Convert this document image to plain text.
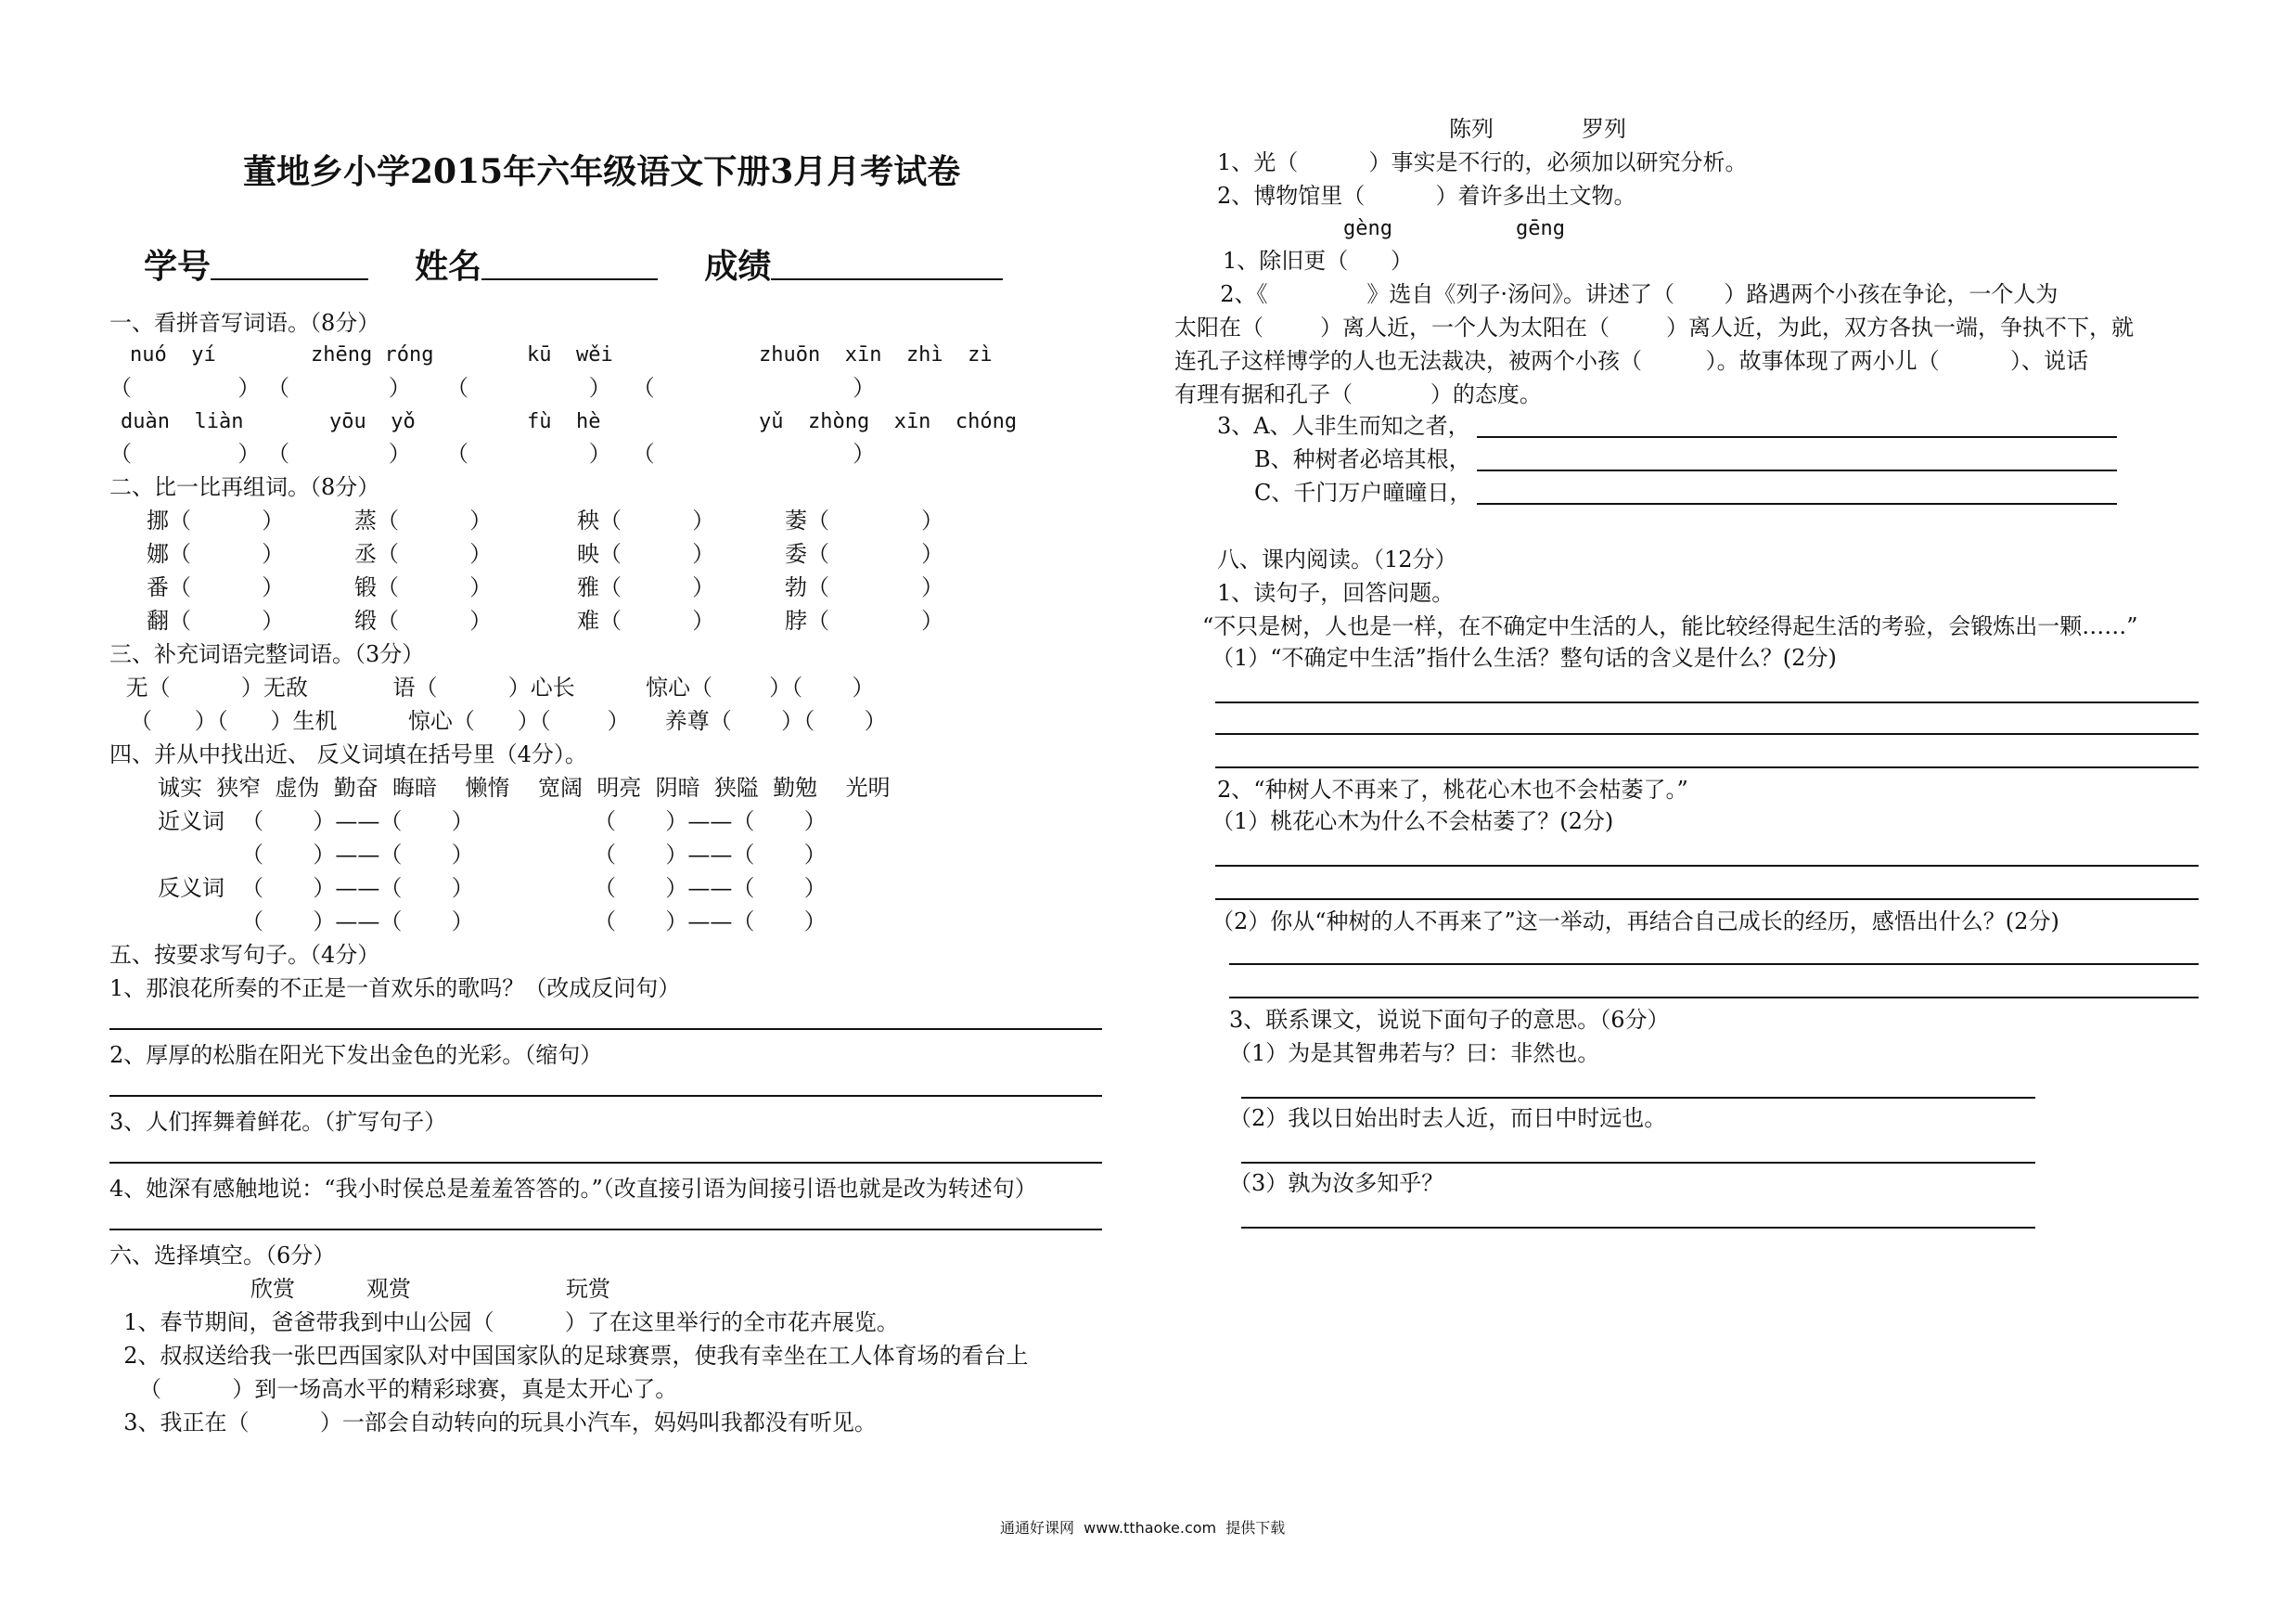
董地乡小学2015年六年级语文下册3月月考试卷
学号	姓名	成绩
一、看拼音写词语。（8分）
nuó  yí	zhēng róng	kū  wěi	zhuōn  xīn  zhì  zì
（               ） （              ）     （                 ）   （                            ）
duàn  liàn	yōu  yǒ	fù  hè	yǔ  zhòng  xīn  chóng
（               ） （              ）     （                 ）   （                            ）
二、比一比再组词。（8分）
挪（          ）	蒸（          ）	秧（          ）	萎（             ）
娜（          ）	丞（          ）	映（          ）	委（             ）
番（          ）	锻（          ）	雅（          ）	勃（             ）
翻（          ）	缎（          ）	难（          ）	脖（             ）
三、补充词语完整词语。（3分）
无（          ）无敌            语（          ）心长          惊心（        ）（       ）
（      ）（      ）生机          惊心（      ）（        ）     养尊（       ）（       ）
四、并从中找出近、 反义词填在括号里（4分）。
诚实  狭窄  虚伪  勤奋  晦暗    懒惰    宽阔  明亮  阴暗  狭隘  勤勉    光明
近义词 （       ）——（       ）	（       ）——（       ）
（       ）——（       ）	（       ）——（       ）
反义词 （       ）——（       ）	（       ）——（       ）
（       ）——（       ）	（       ）——（       ）
五、按要求写句子。（4分）
1、那浪花所奏的不正是一首欢乐的歌吗？（改成反问句）
2、厚厚的松脂在阳光下发出金色的光彩。（缩句）
3、人们挥舞着鲜花。（扩写句子）
4、她深有感触地说：“我小时侯总是羞羞答答的。”（改直接引语为间接引语也就是改为转述句）
六、选择填空。（6分）
欣赏	观赏	玩赏
1、春节期间，爸爸带我到中山公园（          ）了在这里举行的全市花卉展览。
2、叔叔送给我一张巴西国家队对中国国家队的足球赛票，使我有幸坐在工人体育场的看台上
（          ）到一场高水平的精彩球赛，真是太开心了。
3、我正在（          ）一部会自动转向的玩具小汽车，妈妈叫我都没有听见。
陈列	罗列
1、光（          ）事实是不行的，必须加以研究分析。
2、博物馆里（          ）着许多出土文物。
gèng	gēng
1、除旧更（      ）
2、《              》选自《列子·汤问》。讲述了（       ）路遇两个小孩在争论，一个人为
太阳在（        ）离人近，一个人为太阳在（        ）离人近，为此，双方各执一端，争执不下，就
连孔子这样博学的人也无法裁决，被两个小孩（         ）。故事体现了两小儿（          ）、说话
有理有据和孔子（           ）的态度。
3、A、人非生而知之者，
B、种树者必培其根，
C、千门万户曈曈日，
八、课内阅读。（12分）
1、读句子，回答问题。
“不只是树，人也是一样，在不确定中生活的人，能比较经得起生活的考验，会锻炼出一颗……”
（1）“不确定中生活”指什么生活？整句话的含义是什么？(2分)
2、“种树人不再来了，桃花心木也不会枯萎了。”
（1）桃花心木为什么不会枯萎了？(2分)
（2）你从“种树的人不再来了”这一举动，再结合自己成长的经历，感悟出什么？(2分)
3、联系课文，说说下面句子的意思。（6分）
（1）为是其智弗若与？曰：非然也。
（2）我以日始出时去人近，而日中时远也。
（3）孰为汝多知乎？
通通好课网  www.tthaoke.com  提供下载
